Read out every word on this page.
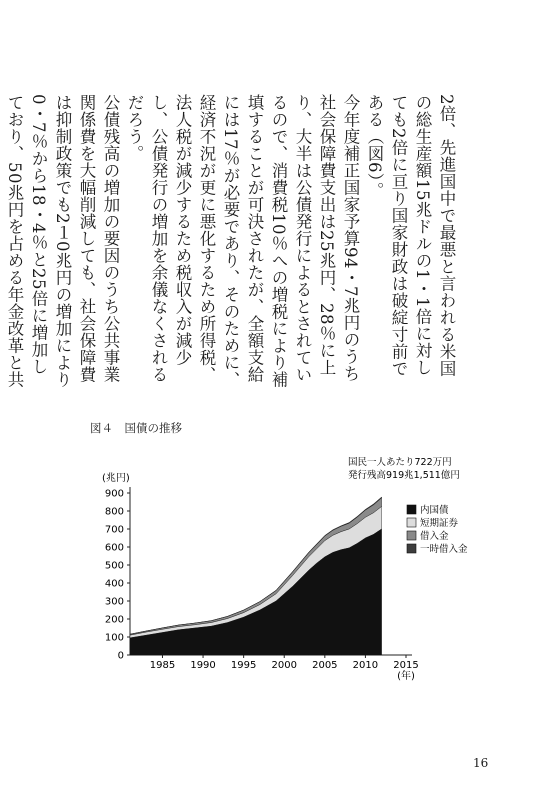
2倍、先進国中で最悪と言われる米国の総生産額15兆ドルの1・1倍に対しても2倍に亘り国家財政は破綻寸前である（図6）。

今年度補正国家予算94・7兆円のうち社会保障費支出は25兆円、28％に上り、大半は公債発行によるとされているので、消費税10％への増税により補填することが可決されたが、全額支給には17％が必要であり、そのために、経済不況が更に悪化するため所得税、法人税が減少するため税収入が減少し、公債発行の増加を余儀なくされるだろう。

公債残高の増加の要因のうち公共事業関係費を大幅削減しても、社会保障費は抑制政策でも2１0兆円の増加により0・7％から18・4％と25倍に増加しており、50兆円を占める年金改革と共

図４　国債の推移
0
100
200
300
400
500
600
700
800
900
1985 1990 1995 2000 2005 2010 2015
(兆円)
(年)
内国債
短期証券
借入金
一時借入金
国民一人あたり722万円
発行残高919兆1,511億円
16
